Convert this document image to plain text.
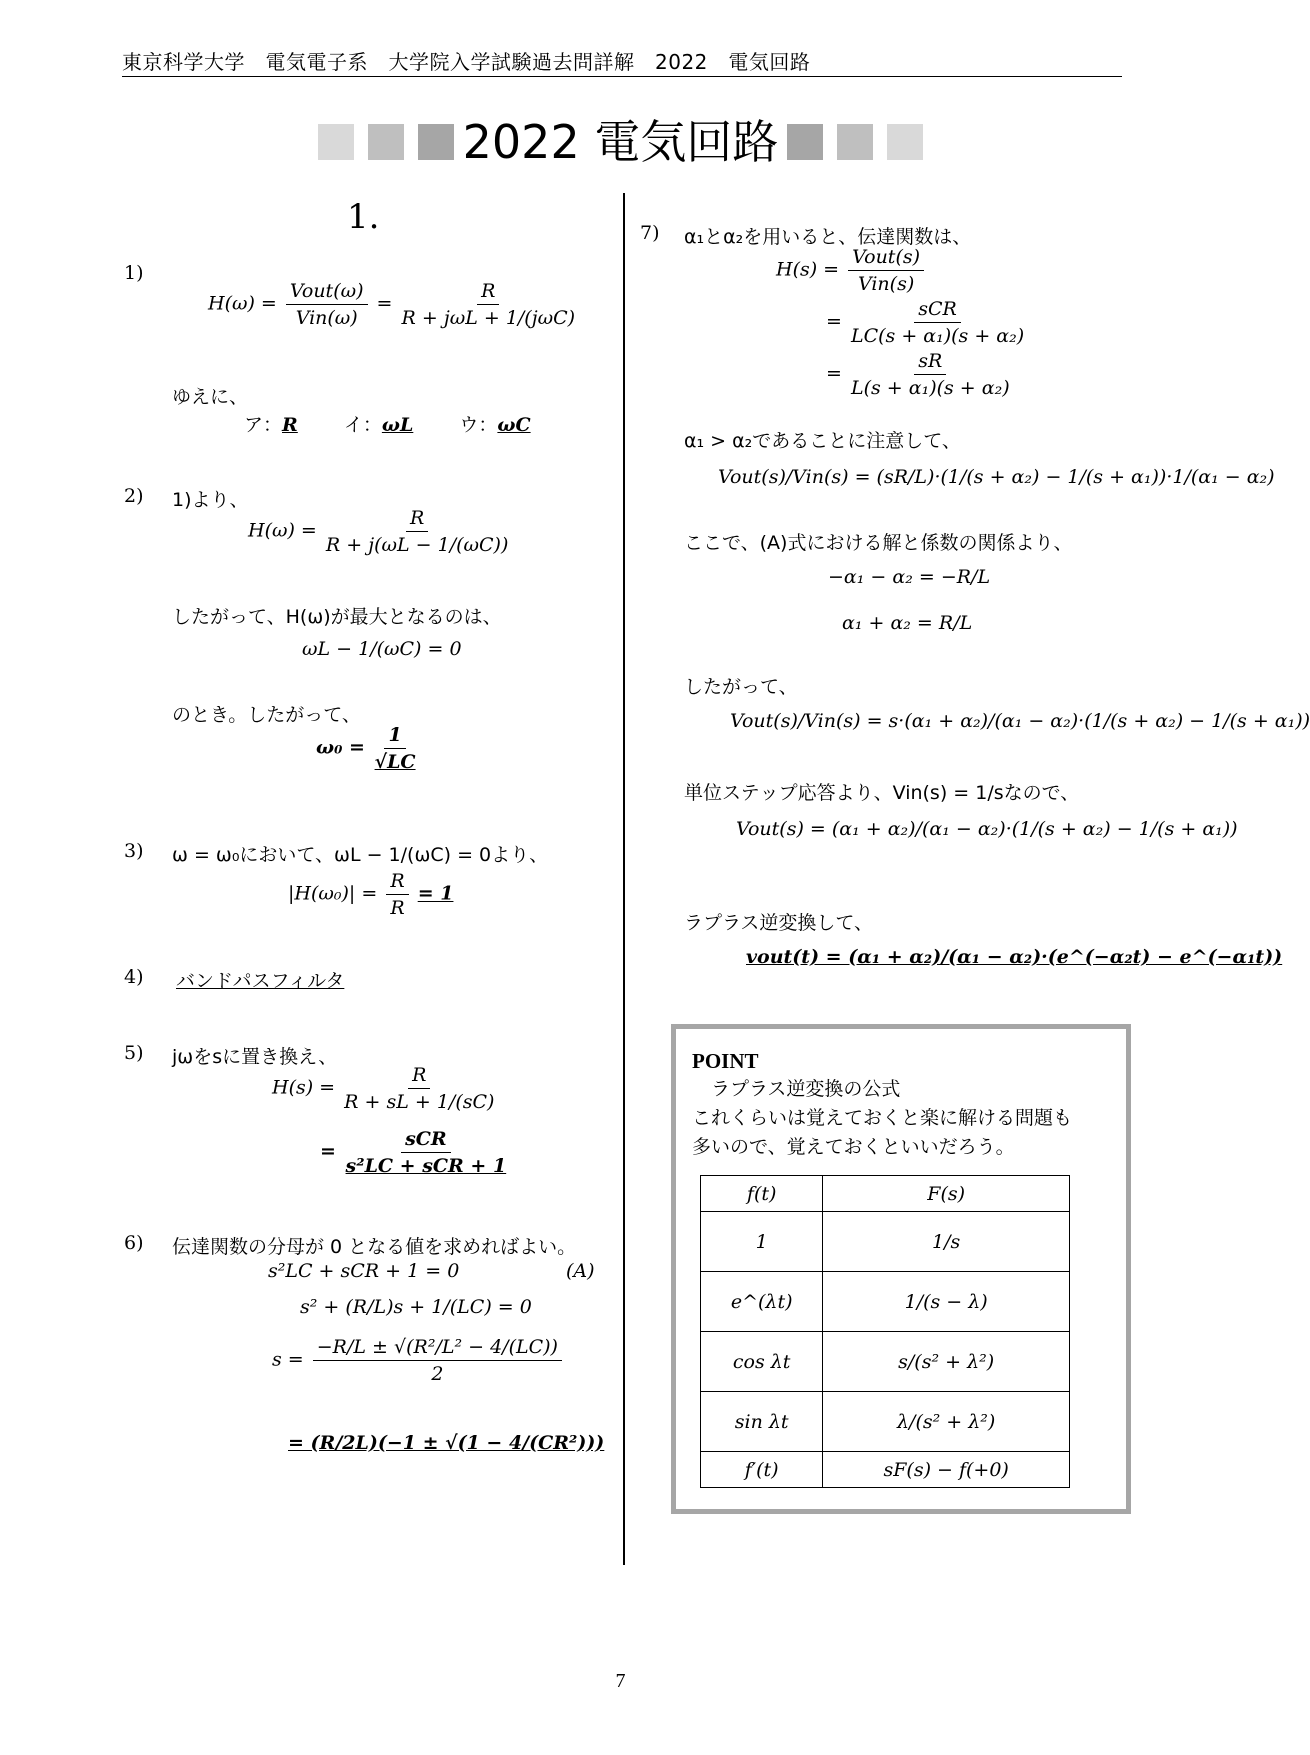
東京科学大学　電気電子系　大学院入学試験過去問詳解　2022　電気回路
2022 電気回路
1.
1)
$H(\omega) = \frac{\text{Vout(ω)}}{\text{Vin(ω)}} = \frac{R}{\text{R + jωL + 1/(jωC)}}$
ゆえに、
ア：R イ：ωL ウ：ωC
2) 1)より、
$H(\omega) = \frac{R}{R + j(\omega L - 1/(\omega C))}$
したがって、H(ω)が最大となるのは、
ωL − 1/(ωC) = 0
のとき。したがって、
$\omega_0 = \frac{1}{√LC}$
3) ω = ω₀において、ωL − 1/(ωC) = 0より、
$|H(\omega_0)| = \frac{R}{R} = 1$
4) バンドパスフィルタ
5) jωをsに置き換え、
$H(s) = \frac{R}{R + sL + 1/(sC)}$
= $\frac{\text{sCR}}{\text{s²LC + sCR + 1}}$
6) 伝達関数の分母が 0 となる値を求めればよい。
s²LC + sCR + 1 = 0	(A)
s² + (R/L)s + 1/(LC) = 0
$s = \frac{\text{−R/L ± √(R²/L² − 4/(LC))}}{2}$
= (R/2L)(−1 ± √(1 − 4/(CR²)))
7) α₁とα₂を用いると、伝達関数は、
$H(s) = \frac{\text{Vout(s)}}{\text{Vin(s)}}$
= $\frac{\text{sCR}}{\text{LC(s + α₁)(s + α₂)}}$
= $\frac{sR}{\text{L(s + α₁)(s + α₂)}}$
α₁ > α₂であることに注意して、
Vout(s)/Vin(s) = (sR/L)·(1/(s + α₂) − 1/(s + α₁))·1/(α₁ − α₂)
ここで、(A)式における解と係数の関係より、
−α₁ − α₂ = −R/L
α₁ + α₂ = R/L
したがって、
Vout(s)/Vin(s) = s·(α₁ + α₂)/(α₁ − α₂)·(1/(s + α₂) − 1/(s + α₁))
単位ステップ応答より、Vin(s) = 1/sなので、
Vout(s) = (α₁ + α₂)/(α₁ − α₂)·(1/(s + α₂) − 1/(s + α₁))
ラプラス逆変換して、
vout(t) = (α₁ + α₂)/(α₁ − α₂)·(e^(−α₂t) − e^(−α₁t))
POINT
　ラプラス逆変換の公式
これくらいは覚えておくと楽に解ける問題も
多いので、覚えておくといいだろう。
f(t)	F(s)
1	1/s
e^(λt)	1/(s − λ)
cos λt	s/(s² + λ²)
sin λt	λ/(s² + λ²)
f′(t)	sF(s) − f(+0)
7
